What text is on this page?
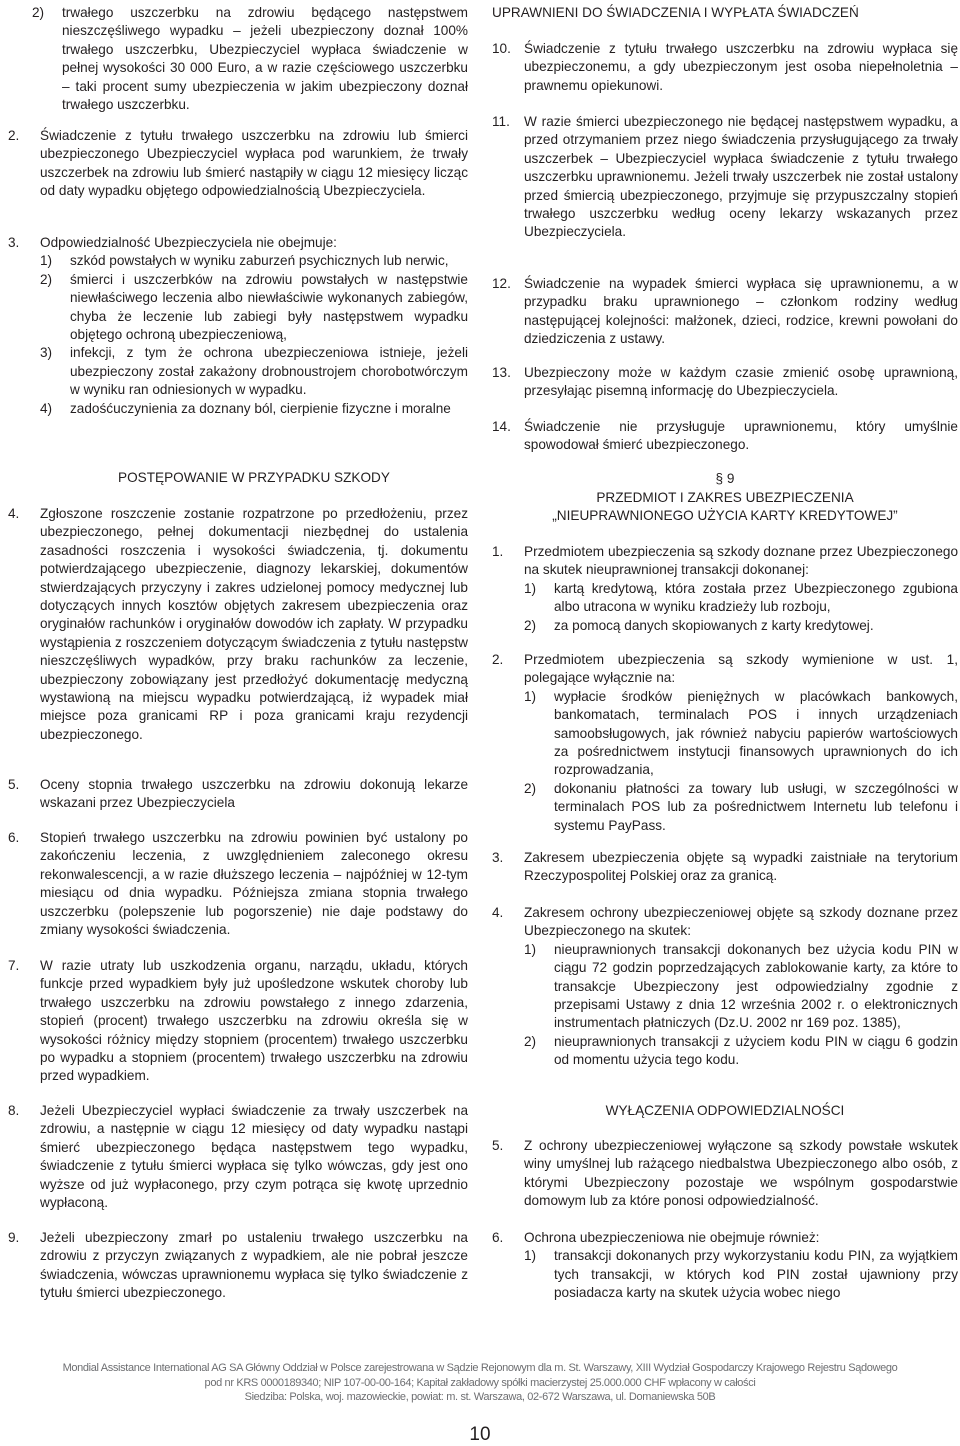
2)	trwałego uszczerbku na zdrowiu będącego następstwem nieszczęśliwego wypadku – jeżeli ubezpieczony doznał 100% trwałego uszczerbku, Ubezpieczyciel wypłaca świadczenie w pełnej wysokości 30 000 Euro, a w razie częściowego uszczerbku – taki procent sumy ubezpieczenia w jakim ubezpieczony doznał trwałego uszczerbku.
2.	Świadczenie z tytułu trwałego uszczerbku na zdrowiu lub śmierci ubezpieczonego Ubezpieczyciel wypłaca pod warunkiem, że trwały uszczerbek na zdrowiu lub śmierć nastąpiły w ciągu 12 miesięcy licząc od daty wypadku objętego odpowiedzialnością Ubezpieczyciela.
3.	Odpowiedzialność Ubezpieczyciela nie obejmuje:
1)	szkód powstałych w wyniku zaburzeń psychicznych lub nerwic,
2)	śmierci i uszczerbków na zdrowiu powstałych w następstwie niewłaściwego leczenia albo niewłaściwie wykonanych zabiegów, chyba że leczenie lub zabiegi były następstwem wypadku objętego ochroną ubezpieczeniową,
3)	infekcji, z tym że ochrona ubezpieczeniowa istnieje, jeżeli ubezpieczony został zakażony drobnoustrojem chorobotwórczym w wyniku ran odniesionych w wypadku.
4)	zadośćuczynienia za doznany ból, cierpienie fizyczne i moralne
POSTĘPOWANIE W PRZYPADKU SZKODY
4.	Zgłoszone roszczenie zostanie rozpatrzone po przedłożeniu, przez ubezpieczonego, pełnej dokumentacji niezbędnej do ustalenia zasadności roszczenia i wysokości świadczenia, tj. dokumentu potwierdzającego ubezpieczenie, diagnozy lekarskiej, dokumentów stwierdzających przyczyny i zakres udzielonej pomocy medycznej lub dotyczących innych kosztów objętych zakresem ubezpieczenia oraz oryginałów rachunków i oryginałów dowodów ich zapłaty. W przypadku wystąpienia z roszczeniem dotyczącym świadczenia z tytułu następstw nieszczęśliwych wypadków, przy braku rachunków za leczenie, ubezpieczony zobowiązany jest przedłożyć dokumentację medyczną wystawioną na miejscu wypadku potwierdzającą, iż wypadek miał miejsce poza granicami RP i poza granicami kraju rezydencji ubezpieczonego.
5.	Oceny stopnia trwałego uszczerbku na zdrowiu dokonują lekarze wskazani przez Ubezpieczyciela
6.	Stopień trwałego uszczerbku na zdrowiu powinien być ustalony po zakończeniu leczenia, z uwzględnieniem zaleconego okresu rekonwalescencji, a w razie dłuższego leczenia – najpóźniej w 12-tym miesiącu od dnia wypadku. Późniejsza zmiana stopnia trwałego uszczerbku (polepszenie lub pogorszenie) nie daje podstawy do zmiany wysokości świadczenia.
7.	W razie utraty lub uszkodzenia organu, narządu, układu, których funkcje przed wypadkiem były już upośledzone wskutek choroby lub trwałego uszczerbku na zdrowiu powstałego z innego zdarzenia, stopień (procent) trwałego uszczerbku na zdrowiu określa się w wysokości różnicy między stopniem (procentem) trwałego uszczerbku po wypadku a stopniem (procentem) trwałego uszczerbku na zdrowiu przed wypadkiem.
8.	Jeżeli Ubezpieczyciel wypłaci świadczenie za trwały uszczerbek na zdrowiu, a następnie w ciągu 12 miesięcy od daty wypadku nastąpi śmierć ubezpieczonego będąca następstwem tego wypadku, świadczenie z tytułu śmierci wypłaca się tylko wówczas, gdy jest ono wyższe od już wypłaconego, przy czym potrąca się kwotę uprzednio wypłaconą.
9.	Jeżeli ubezpieczony zmarł po ustaleniu trwałego uszczerbku na zdrowiu z przyczyn związanych z wypadkiem, ale nie pobrał jeszcze świadczenia, wówczas uprawnionemu wypłaca się tylko świadczenie z tytułu śmierci ubezpieczonego.
UPRAWNIENI DO ŚWIADCZENIA I WYPŁATA ŚWIADCZEŃ
10. Świadczenie z tytułu trwałego uszczerbku na zdrowiu wypłaca się ubezpieczonemu, a gdy ubezpieczonym jest osoba niepełnoletnia – prawnemu opiekunowi.
11.	W razie śmierci ubezpieczonego nie będącej następstwem wypadku, a przed otrzymaniem przez niego świadczenia przysługującego za trwały uszczerbek – Ubezpieczyciel wypłaca świadczenie z tytułu trwałego uszczerbku uprawnionemu. Jeżeli trwały uszczerbek nie został ustalony przed śmiercią ubezpieczonego, przyjmuje się przypuszczalny stopień trwałego uszczerbku według oceny lekarzy wskazanych przez Ubezpieczyciela.
12. Świadczenie na wypadek śmierci wypłaca się uprawnionemu, a w przypadku braku uprawnionego – członkom rodziny według następującej kolejności: małżonek, dzieci, rodzice, krewni powołani do dziedziczenia z ustawy.
13. Ubezpieczony może w każdym czasie zmienić osobę uprawnioną, przesyłając pisemną informację do Ubezpieczyciela.
14. Świadczenie nie przysługuje uprawnionemu, który umyślnie spowodował śmierć ubezpieczonego.
§ 9
PRZEDMIOT I ZAKRES UBEZPIECZENIA
„NIEUPRAWNIONEGO UŻYCIA KARTY KREDYTOWEJ”
1.	Przedmiotem ubezpieczenia są szkody doznane przez Ubezpieczonego na skutek nieuprawnionej transakcji dokonanej:
1)	kartą kredytową, która została przez Ubezpieczonego zgubiona albo utracona w wyniku kradzieży lub rozboju,
2)	za pomocą danych skopiowanych z karty kredytowej.
2.	Przedmiotem ubezpieczenia są szkody wymienione w ust. 1, polegające wyłącznie na:
1)	wypłacie środków pieniężnych w placówkach bankowych, bankomatach, terminalach POS i innych urządzeniach samoobsługowych, jak również nabyciu papierów wartościowych za pośrednictwem instytucji finansowych uprawnionych do ich rozprowadzania,
2)	dokonaniu płatności za towary lub usługi, w szczególności w terminalach POS lub za pośrednictwem Internetu lub telefonu i systemu PayPass.
3.	Zakresem ubezpieczenia objęte są wypadki zaistniałe na terytorium Rzeczypospolitej Polskiej oraz za granicą.
4.	Zakresem ochrony ubezpieczeniowej objęte są szkody doznane przez Ubezpieczonego na skutek:
1)	nieuprawnionych transakcji dokonanych bez użycia kodu PIN w ciągu 72 godzin poprzedzających zablokowanie karty, za które to transakcje Ubezpieczony jest odpowiedzialny zgodnie z przepisami Ustawy z dnia 12 września 2002 r. o elektronicznych instrumentach płatniczych (Dz.U. 2002 nr 169 poz. 1385),
2)	nieuprawnionych transakcji z użyciem kodu PIN w ciągu 6 godzin od momentu użycia tego kodu.
WYŁĄCZENIA ODPOWIEDZIALNOŚCI
5.	Z ochrony ubezpieczeniowej wyłączone są szkody powstałe wskutek winy umyślnej lub rażącego niedbalstwa Ubezpieczonego albo osób, z którymi Ubezpieczony pozostaje we wspólnym gospodarstwie domowym lub za które ponosi odpowiedzialność.
6.	Ochrona ubezpieczeniowa nie obejmuje również:
1)	transakcji dokonanych przy wykorzystaniu kodu PIN, za wyjątkiem tych transakcji, w których kod PIN został ujawniony przy posiadacza karty na skutek użycia wobec niego
Mondial Assistance International AG SA Główny Oddział w Polsce zarejestrowana w Sądzie Rejonowym dla m. St. Warszawy, XIII Wydział Gospodarczy Krajowego Rejestru Sądowego
pod nr KRS 0000189340; NIP 107-00-00-164; Kapitał zakładowy spółki macierzystej 25.000.000 CHF wpłacony w całości
Siedziba: Polska, woj. mazowieckie, powiat: m. st. Warszawa, 02-672 Warszawa, ul. Domaniewska 50B
10
